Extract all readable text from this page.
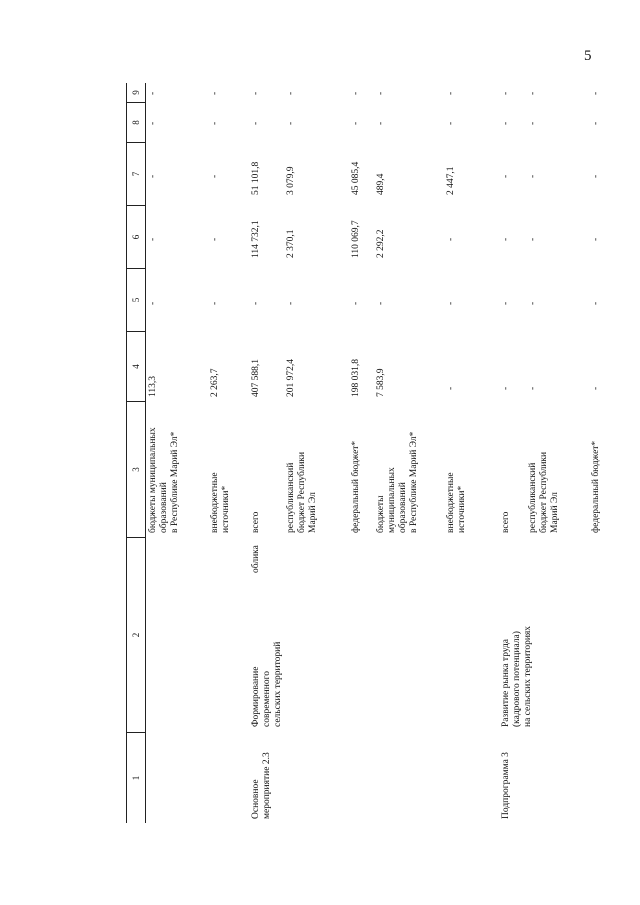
5
1
2
3
4
5
6
7
8
9
бюджеты муниципальных образований
в Республике Марий Эл*
113,3
-
-
-
-
-
внебюджетные
источники*
2 263,7
-
-
-
-
-
Основное
мероприятие 2.3
Формирование
современного
сельских территорий
облика
всего
407 588,1
-
114 732,1
51 101,8
-
-
республиканский
бюджет Республики
Марий Эл
201 972,4
-
2 370,1
3 079,9
-
-
федеральный бюджет*
198 031,8
-
110 069,7
45 085,4
-
-
бюджеты
муниципальных
образований
в Республике Марий Эл*
7 583,9
-
2 292,2
489,4
-
-
внебюджетные
источники*
-
-
-
2 447,1
-
-
Подпрограмма 3
Развитие рынка труда
(кадрового потенциала)
на сельских территориях
всего
-
-
-
-
-
-
республиканский
бюджет Республики
Марий Эл
-
-
-
-
-
-
федеральный бюджет*
-
-
-
-
-
-
